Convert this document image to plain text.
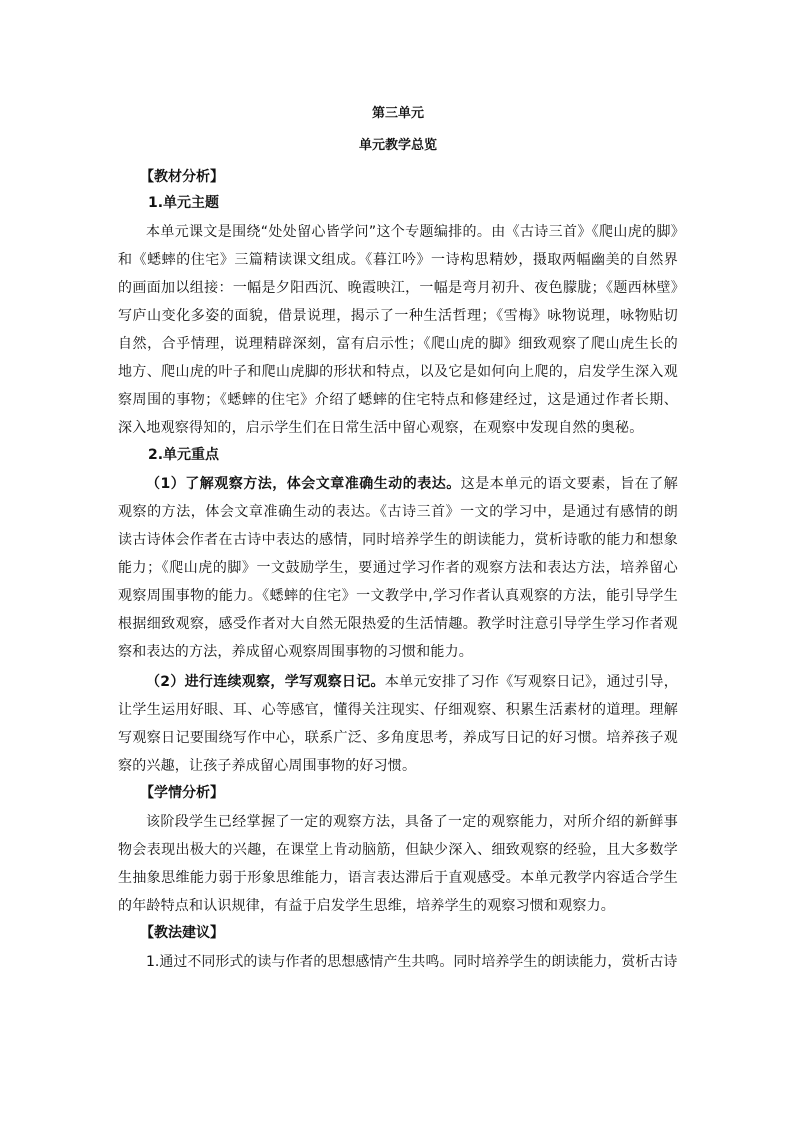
第三单元

单元教学总览

【教材分析】

1.单元主题

本单元课文是围绕“处处留心皆学问”这个专题编排的。由《古诗三首》《爬山虎的脚》和《蟋蟀的住宅》三篇精读课文组成。《暮江吟》一诗构思精妙，摄取两幅幽美的自然界的画面加以组接：一幅是夕阳西沉、晚霞映江，一幅是弯月初升、夜色朦胧；《题西林壁》写庐山变化多姿的面貌，借景说理，揭示了一种生活哲理；《雪梅》咏物说理，咏物贴切自然，合乎情理，说理精辟深刻，富有启示性；《爬山虎的脚》细致观察了爬山虎生长的地方、爬山虎的叶子和爬山虎脚的形状和特点，以及它是如何向上爬的，启发学生深入观察周围的事物；《蟋蟀的住宅》介绍了蟋蟀的住宅特点和修建经过，这是通过作者长期、深入地观察得知的，启示学生们在日常生活中留心观察，在观察中发现自然的奥秘。

2.单元重点

（1）了解观察方法，体会文章准确生动的表达。这是本单元的语文要素，旨在了解观察的方法，体会文章准确生动的表达。《古诗三首》一文的学习中，是通过有感情的朗读古诗体会作者在古诗中表达的感情，同时培养学生的朗读能力，赏析诗歌的能力和想象能力；《爬山虎的脚》一文鼓励学生，要通过学习作者的观察方法和表达方法，培养留心观察周围事物的能力。《蟋蟀的住宅》一文教学中,学习作者认真观察的方法，能引导学生根据细致观察，感受作者对大自然无限热爱的生活情趣。教学时注意引导学生学习作者观察和表达的方法，养成留心观察周围事物的习惯和能力。

（2）进行连续观察，学写观察日记。本单元安排了习作《写观察日记》，通过引导，让学生运用好眼、耳、心等感官，懂得关注现实、仔细观察、积累生活素材的道理。理解写观察日记要围绕写作中心，联系广泛、多角度思考，养成写日记的好习惯。培养孩子观察的兴趣，让孩子养成留心周围事物的好习惯。

【学情分析】

该阶段学生已经掌握了一定的观察方法，具备了一定的观察能力，对所介绍的新鲜事物会表现出极大的兴趣，在课堂上肯动脑筋，但缺少深入、细致观察的经验，且大多数学生抽象思维能力弱于形象思维能力，语言表达滞后于直观感受。本单元教学内容适合学生的年龄特点和认识规律，有益于启发学生思维，培养学生的观察习惯和观察力。

【教法建议】

1.通过不同形式的读与作者的思想感情产生共鸣。同时培养学生的朗读能力，赏析古诗
